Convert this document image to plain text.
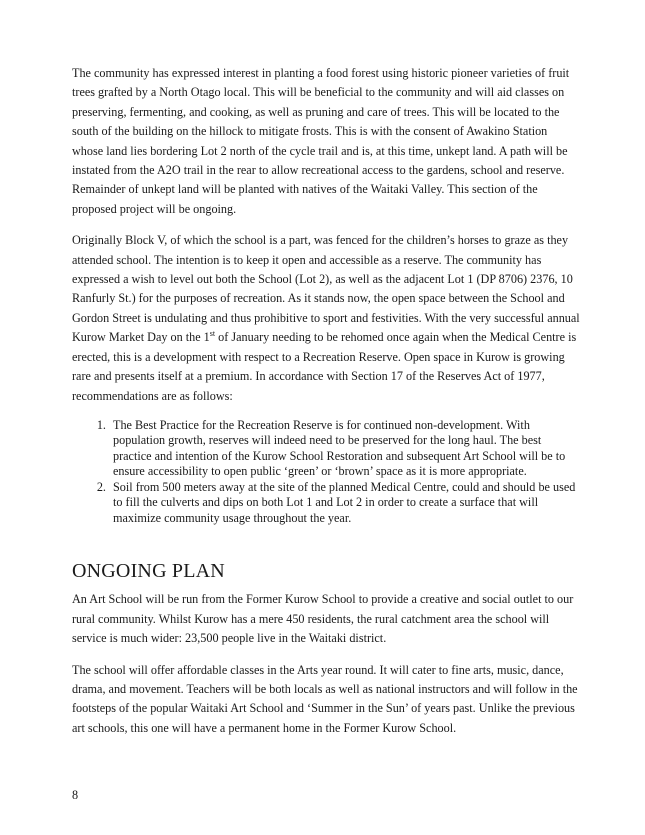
The community has expressed interest in planting a food forest using historic pioneer varieties of fruit trees grafted by a North Otago local. This will be beneficial to the community and will aid classes on preserving, fermenting, and cooking, as well as pruning and care of trees. This will be located to the south of the building on the hillock to mitigate frosts. This is with the consent of Awakino Station whose land lies bordering Lot 2 north of the cycle trail and is, at this time, unkept land. A path will be instated from the A2O trail in the rear to allow recreational access to the gardens, school and reserve. Remainder of unkept land will be planted with natives of the Waitaki Valley. This section of the proposed project will be ongoing.

Originally Block V, of which the school is a part, was fenced for the children’s horses to graze as they attended school. The intention is to keep it open and accessible as a reserve. The community has expressed a wish to level out both the School (Lot 2), as well as the adjacent Lot 1 (DP 8706) 2376, 10 Ranfurly St.) for the purposes of recreation. As it stands now, the open space between the School and Gordon Street is undulating and thus prohibitive to sport and festivities. With the very successful annual Kurow Market Day on the 1st of January needing to be rehomed once again when the Medical Centre is erected, this is a development with respect to a Recreation Reserve. Open space in Kurow is growing rare and presents itself at a premium. In accordance with Section 17 of the Reserves Act of 1977, recommendations are as follows:

1. The Best Practice for the Recreation Reserve is for continued non-development. With population growth, reserves will indeed need to be preserved for the long haul. The best practice and intention of the Kurow School Restoration and subsequent Art School will be to ensure accessibility to open public ‘green’ or ‘brown’ space as it is more appropriate.
2. Soil from 500 meters away at the site of the planned Medical Centre, could and should be used to fill the culverts and dips on both Lot 1 and Lot 2 in order to create a surface that will maximize community usage throughout the year.
ONGOING PLAN

An Art School will be run from the Former Kurow School to provide a creative and social outlet to our rural community. Whilst Kurow has a mere 450 residents, the rural catchment area the school will service is much wider: 23,500 people live in the Waitaki district.

The school will offer affordable classes in the Arts year round. It will cater to fine arts, music, dance, drama, and movement. Teachers will be both locals as well as national instructors and will follow in the footsteps of the popular Waitaki Art School and ‘Summer in the Sun’ of years past. Unlike the previous art schools, this one will have a permanent home in the Former Kurow School.

8
